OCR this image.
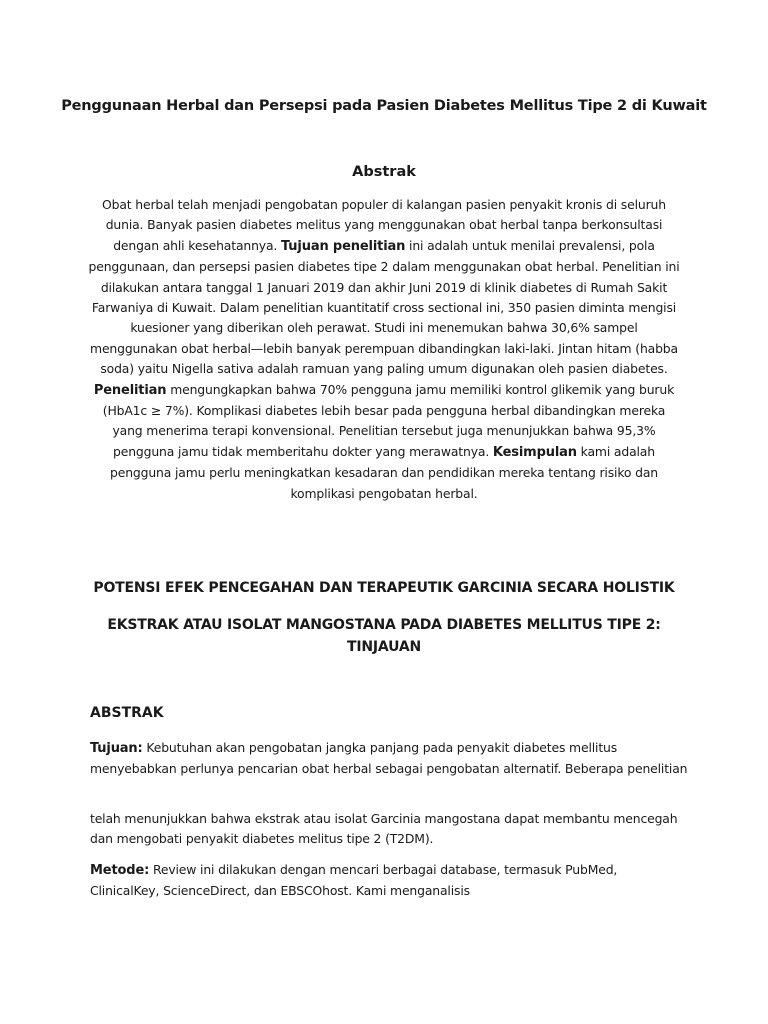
Penggunaan Herbal dan Persepsi pada Pasien Diabetes Mellitus Tipe 2 di Kuwait
Abstrak
Obat herbal telah menjadi pengobatan populer di kalangan pasien penyakit kronis di seluruh dunia. Banyak pasien diabetes melitus yang menggunakan obat herbal tanpa berkonsultasi dengan ahli kesehatannya. Tujuan penelitian ini adalah untuk menilai prevalensi, pola penggunaan, dan persepsi pasien diabetes tipe 2 dalam menggunakan obat herbal. Penelitian ini dilakukan antara tanggal 1 Januari 2019 dan akhir Juni 2019 di klinik diabetes di Rumah Sakit Farwaniya di Kuwait. Dalam penelitian kuantitatif cross sectional ini, 350 pasien diminta mengisi kuesioner yang diberikan oleh perawat. Studi ini menemukan bahwa 30,6% sampel menggunakan obat herbal—lebih banyak perempuan dibandingkan laki-laki. Jintan hitam (habba soda) yaitu Nigella sativa adalah ramuan yang paling umum digunakan oleh pasien diabetes. Penelitian mengungkapkan bahwa 70% pengguna jamu memiliki kontrol glikemik yang buruk (HbA1c ≥ 7%). Komplikasi diabetes lebih besar pada pengguna herbal dibandingkan mereka yang menerima terapi konvensional. Penelitian tersebut juga menunjukkan bahwa 95,3% pengguna jamu tidak memberitahu dokter yang merawatnya. Kesimpulan kami adalah pengguna jamu perlu meningkatkan kesadaran dan pendidikan mereka tentang risiko dan komplikasi pengobatan herbal.
POTENSI EFEK PENCEGAHAN DAN TERAPEUTIK GARCINIA SECARA HOLISTIK
EKSTRAK ATAU ISOLAT MANGOSTANA PADA DIABETES MELLITUS TIPE 2: TINJAUAN
ABSTRAK
Tujuan: Kebutuhan akan pengobatan jangka panjang pada penyakit diabetes mellitus menyebabkan perlunya pencarian obat herbal sebagai pengobatan alternatif. Beberapa penelitian
telah menunjukkan bahwa ekstrak atau isolat Garcinia mangostana dapat membantu mencegah dan mengobati penyakit diabetes melitus tipe 2 (T2DM).
Metode: Review ini dilakukan dengan mencari berbagai database, termasuk PubMed, ClinicalKey, ScienceDirect, dan EBSCOhost. Kami menganalisis
